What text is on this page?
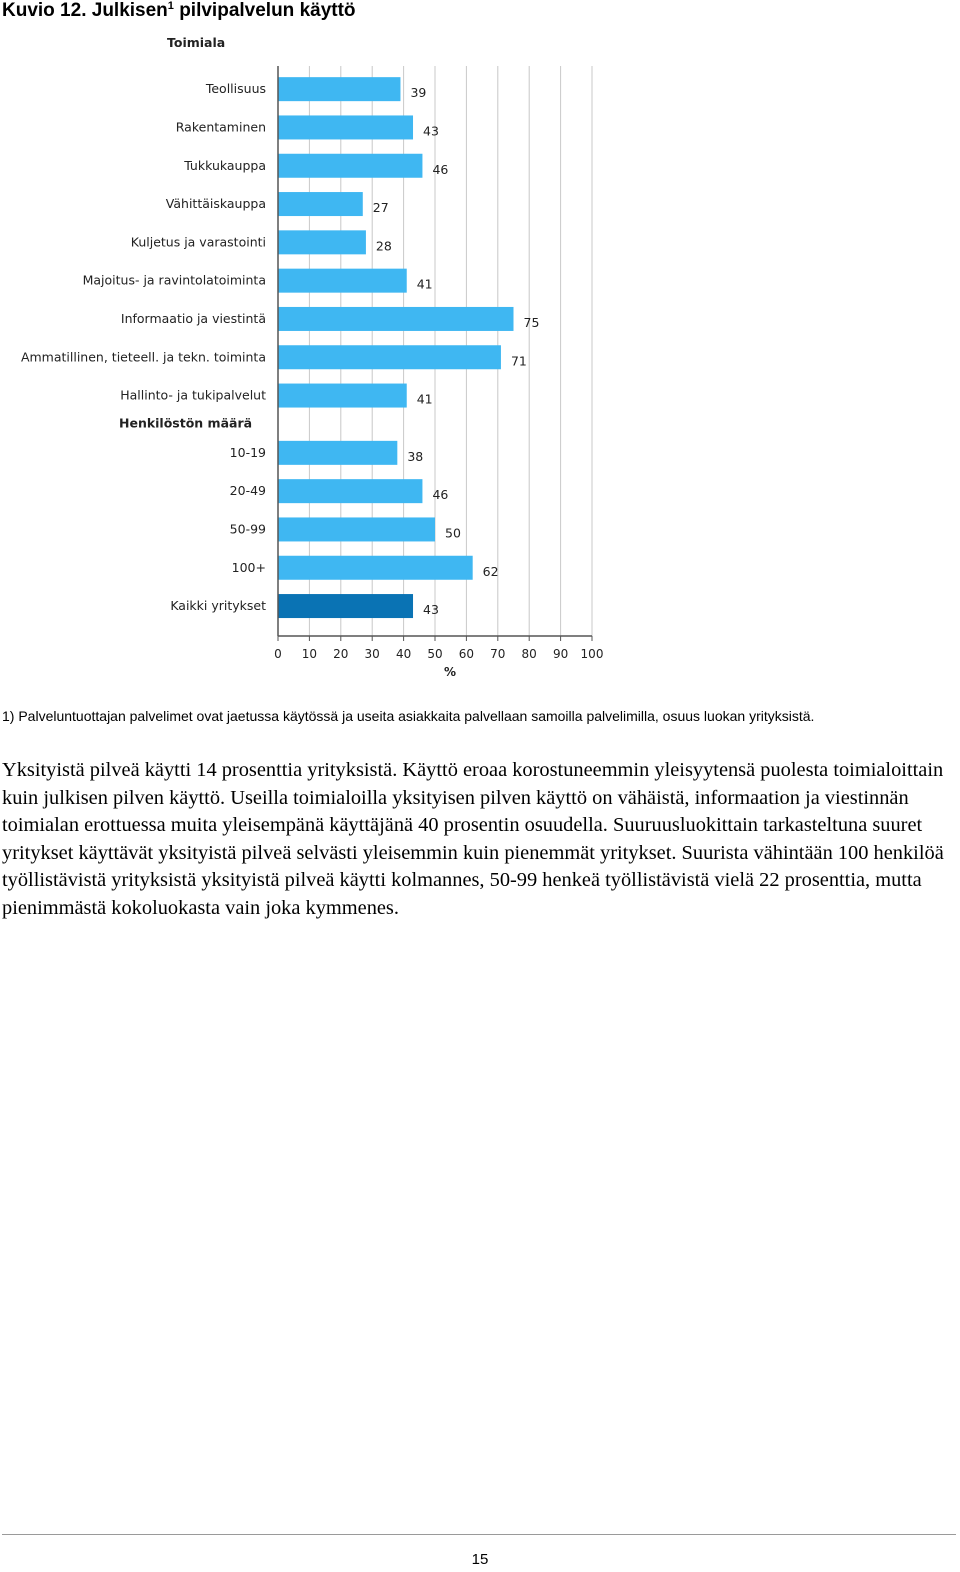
Kuvio 12. Julkisen$^1$ pilvipalvelun käyttö
Toimiala
Teollisuus	39
Rakentaminen	43
Tukkukauppa	46
Vähittäiskauppa	27
Kuljetus ja varastointi	28
Majoitus- ja ravintolatoiminta	41
Informaatio ja viestintä	75
Ammatillinen, tieteell. ja tekn. toiminta	71
Hallinto- ja tukipalvelut	41
Henkilöstön määrä
10-19	38
20-49	46
50-99	50
100+	62
Kaikki yritykset	43
0 10 20 30 40 50 60 70 80 90 100
%

1) Palveluntuottajan palvelimet ovat jaetussa käytössä ja useita asiakkaita palvellaan samoilla palvelimilla, osuus luokan yrityksistä.

Yksityistä pilveä käytti 14 prosenttia yrityksistä. Käyttö eroaa korostuneemmin yleisyytensä puolesta toimialoittain kuin julkisen pilven käyttö. Useilla toimialoilla yksityisen pilven käyttö on vähäistä, informaation ja viestinnän toimialan erottuessa muita yleisempänä käyttäjänä 40 prosentin osuudella. Suuruusluokittain tarkasteltuna suuret yritykset käyttävät yksityistä pilveä selvästi yleisemmin kuin pienemmät yritykset. Suurista vähintään 100 henkilöä työllistävistä yrityksistä yksityistä pilveä käytti kolmannes, 50-99 henkeä työllistävistä vielä 22 prosenttia, mutta pienimmästä kokoluokasta vain joka kymmenes.

15
